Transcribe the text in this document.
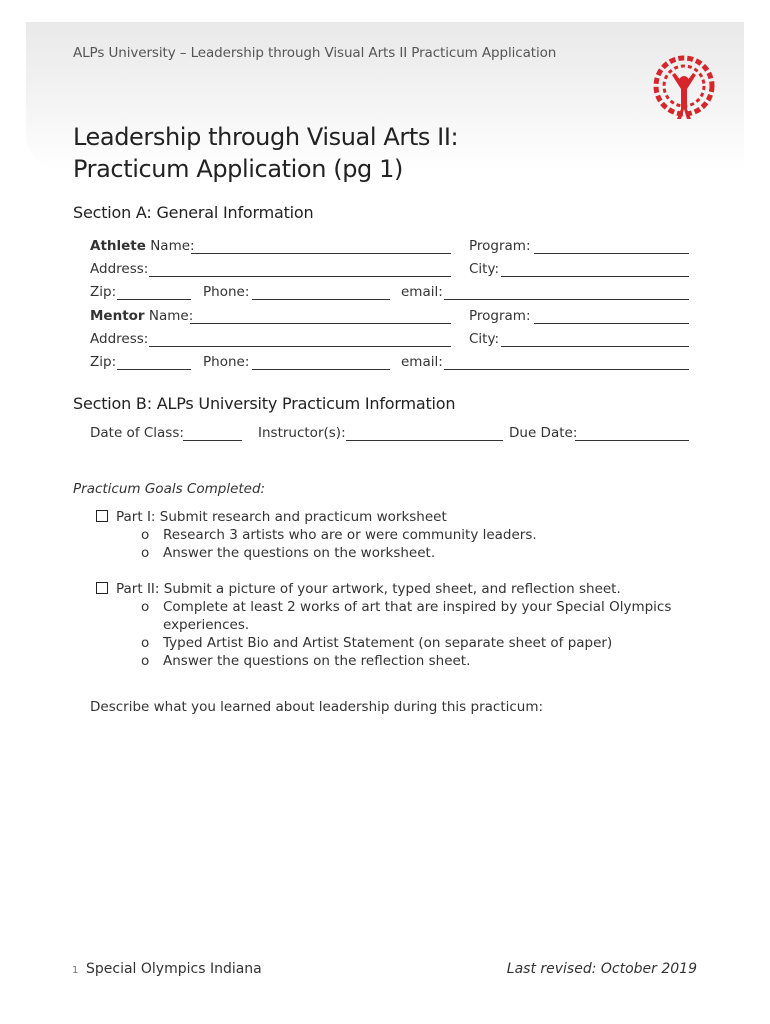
ALPs University – Leadership through Visual Arts II Practicum Application
Leadership through Visual Arts II:
Practicum Application (pg 1)
Section A: General Information
Athlete Name:	Program:
Address:	City:
Zip:	Phone:	email:
Mentor Name:	Program:
Address:	City:
Zip:	Phone:	email:
Section B: ALPs University Practicum Information
Date of Class:	Instructor(s):	Due Date:
Practicum Goals Completed:
Part I: Submit research and practicum worksheet
o Research 3 artists who are or were community leaders.
o Answer the questions on the worksheet.
Part II: Submit a picture of your artwork, typed sheet, and reflection sheet.
o Complete at least 2 works of art that are inspired by your Special Olympics
experiences.
o Typed Artist Bio and Artist Statement (on separate sheet of paper)
o Answer the questions on the reflection sheet.
Describe what you learned about leadership during this practicum:
1 Special Olympics Indiana	Last revised: October 2019
